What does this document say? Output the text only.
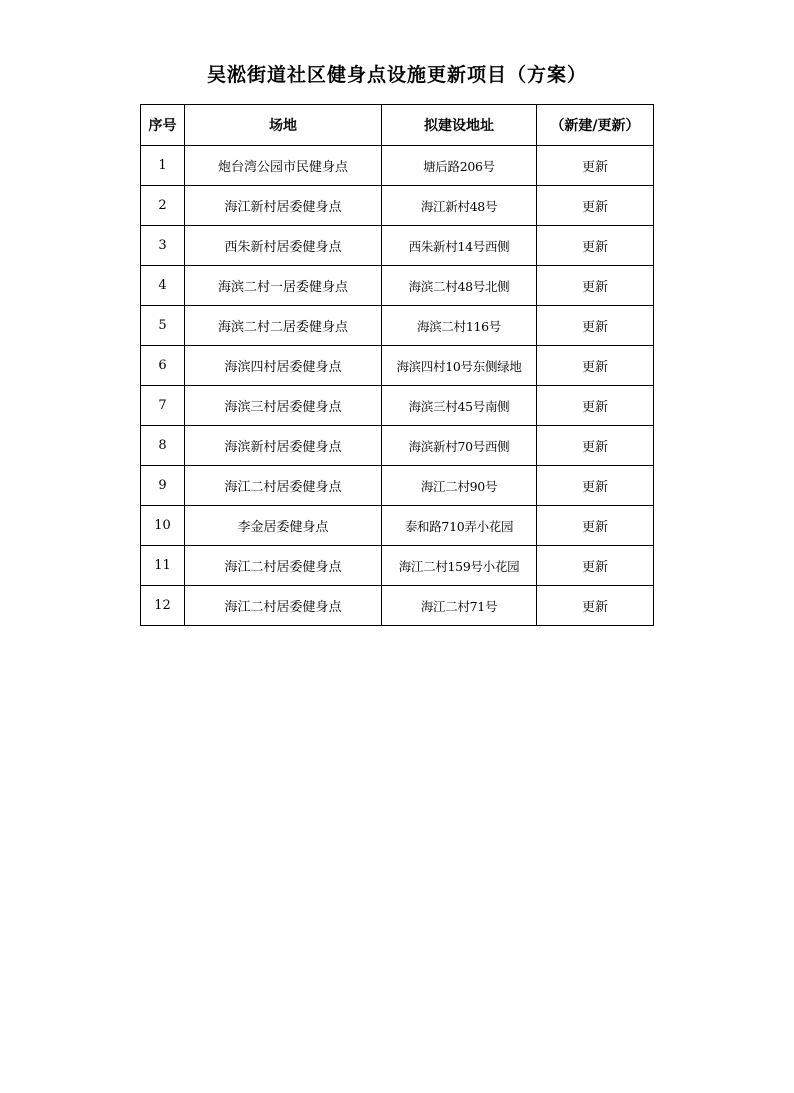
吴淞街道社区健身点设施更新项目（方案）
序号	场地	拟建设地址	（新建/更新）
1	炮台湾公园市民健身点	塘后路206号	更新
2	海江新村居委健身点	海江新村48号	更新
3	西朱新村居委健身点	西朱新村14号西侧	更新
4	海滨二村一居委健身点	海滨二村48号北侧	更新
5	海滨二村二居委健身点	海滨二村116号	更新
6	海滨四村居委健身点	海滨四村10号东侧绿地	更新
7	海滨三村居委健身点	海滨三村45号南侧	更新
8	海滨新村居委健身点	海滨新村70号西侧	更新
9	海江二村居委健身点	海江二村90号	更新
10	李金居委健身点	泰和路710弄小花园	更新
11	海江二村居委健身点	海江二村159号小花园	更新
12	海江二村居委健身点	海江二村71号	更新
